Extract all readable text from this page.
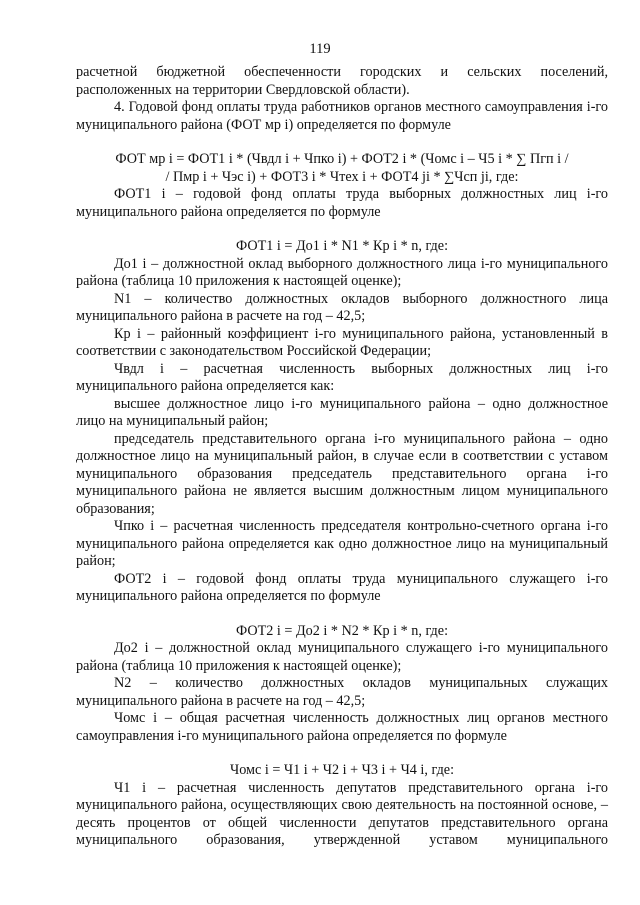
119

расчетной бюджетной обеспеченности городских и сельских поселений, расположенных на территории Свердловской области).

4. Годовой фонд оплаты труда работников органов местного самоуправления i-го муниципального района (ФОТ мр i) определяется по формуле

ФОТ мр i = ФОТ1 i * (Чвдл i + Чпко i) + ФОТ2 i * (Чомс i – Ч5 i * ∑ Пгп i /

/ Пмр i + Чэс i) + ФОТ3 i * Чтех i + ФОТ4 ji * ∑Чсп ji, где:

ФОТ1 i – годовой фонд оплаты труда выборных должностных лиц i-го муниципального района определяется по формуле

ФОТ1 i = До1 i * N1 * Кр i * n, где:

До1 i – должностной оклад выборного должностного лица i-го муниципального района (таблица 10 приложения к настоящей оценке);

N1 – количество должностных окладов выборного должностного лица муниципального района в расчете на год – 42,5;

Кр i – районный коэффициент i-го муниципального района, установленный в соответствии с законодательством Российской Федерации;

Чвдл i – расчетная численность выборных должностных лиц i-го муниципального района определяется как:

высшее должностное лицо i-го муниципального района – одно должностное лицо на муниципальный район;

председатель представительного органа i-го муниципального района – одно должностное лицо на муниципальный район, в случае если в соответствии с уставом муниципального образования председатель представительного органа i-го муниципального района не является высшим должностным лицом муниципального образования;

Чпко i – расчетная численность председателя контрольно-счетного органа i-го муниципального района определяется как одно должностное лицо на муниципальный район;

ФОТ2 i – годовой фонд оплаты труда муниципального служащего i-го муниципального района определяется по формуле

ФОТ2 i = До2 i * N2 * Кр i * n, где:

До2 i – должностной оклад муниципального служащего i-го муниципального района (таблица 10 приложения к настоящей оценке);

N2 – количество должностных окладов муниципальных служащих муниципального района в расчете на год – 42,5;

Чомс i – общая расчетная численность должностных лиц органов местного самоуправления i-го муниципального района определяется по формуле

Чомс i = Ч1 i + Ч2 i + Ч3 i + Ч4 i, где:

Ч1 i – расчетная численность депутатов представительного органа i-го муниципального района, осуществляющих свою деятельность на постоянной основе, – десять процентов от общей численности депутатов представительного органа муниципального образования, утвержденной уставом муниципального
